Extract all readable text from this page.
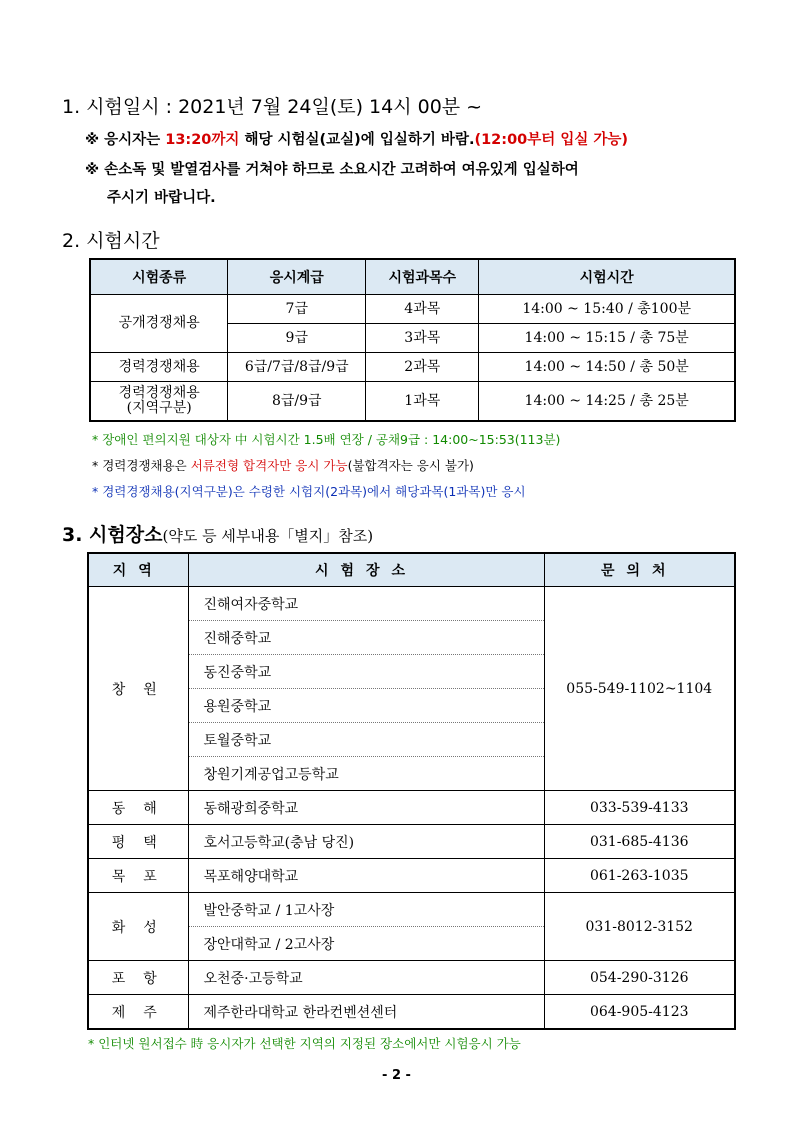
1. 시험일시 : 2021년 7월 24일(토) 14시 00분 ~
※ 응시자는 13:20까지 해당 시험실(교실)에 입실하기 바람.(12:00부터 입실 가능)
※ 손소독 및 발열검사를 거쳐야 하므로 소요시간 고려하여 여유있게 입실하여
주시기 바랍니다.
2. 시험시간
시험종류	응시계급	시험과목수	시험시간
공개경쟁채용	7급	4과목	14:00 ~ 15:40 / 총100분
	9급	3과목	14:00 ~ 15:15 / 총 75분
경력경쟁채용	6급/7급/8급/9급	2과목	14:00 ~ 14:50 / 총 50분

경력경쟁채용
(지역구분)	8급/9급	1과목	14:00 ~ 14:25 / 총 25분
* 장애인 편의지원 대상자 中 시험시간 1.5배 연장 / 공채9급 : 14:00~15:53(113분)
* 경력경쟁채용은 서류전형 합격자만 응시 가능(불합격자는 응시 불가)
* 경력경쟁채용(지역구분)은 수령한 시험지(2과목)에서 해당과목(1과목)만 응시
3. 시험장소(약도 등 세부내용「별지」참조)
지역	시험장소	문의처
창원	진해여자중학교	055-549-1102~1104
	진해중학교	
	동진중학교	
	용원중학교	
	토월중학교	
	창원기계공업고등학교	
동해	동해광희중학교	033-539-4133
평택	호서고등학교(충남 당진)	031-685-4136
목포	목포해양대학교	061-263-1035
화성	발안중학교 / 1고사장	031-8012-3152
	장안대학교 / 2고사장	
포항	오천중·고등학교	054-290-3126
제주	제주한라대학교 한라컨벤션센터	064-905-4123
* 인터넷 원서접수 時 응시자가 선택한 지역의 지정된 장소에서만 시험응시 가능
- 2 -
